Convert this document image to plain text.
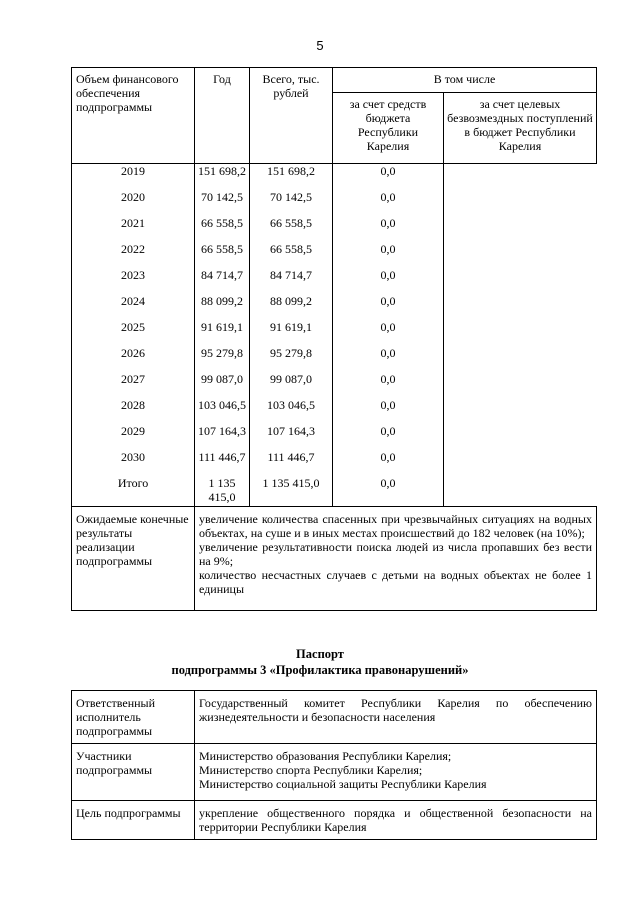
5
Объем финансового обеспечения подпрограммы	Год	Всего, тыс. рублей	В том числе	
			за счет средств бюджета Республики Карелия	за счет целевых безвозмездных поступлений в бюджет Республики Карелия
2019	151 698,2	151 698,2	0,0	
2020	70 142,5	70 142,5	0,0	
2021	66 558,5	66 558,5	0,0	
2022	66 558,5	66 558,5	0,0	
2023	84 714,7	84 714,7	0,0	
2024	88 099,2	88 099,2	0,0	
2025	91 619,1	91 619,1	0,0	
2026	95 279,8	95 279,8	0,0	
2027	99 087,0	99 087,0	0,0	
2028	103 046,5	103 046,5	0,0	
2029	107 164,3	107 164,3	0,0	
2030	111 446,7	111 446,7	0,0	
Итого	1 135 415,0	1 135 415,0	0,0	
Ожидаемые конечные результаты реализации подпрограммы	увеличение количества спасенных при чрезвычайных ситуациях на водных объектах, на суше и в иных местах происшествий до 182 человек (на 10%);
увеличение результативности поиска людей из числа пропавших без вести на 9%;
количество несчастных случаев с детьми на водных объектах не более 1 единицы			
Паспорт
подпрограммы 3 «Профилактика правонарушений»
Ответственный исполнитель подпрограммы	Государственный комитет Республики Карелия по обеспечению жизнедеятельности и безопасности населения

Участники подпрограммы	Министерство образования Республики Карелия;
Министерство спорта Республики Карелия;
Министерство социальной защиты Республики Карелия

Цель подпрограммы	укрепление общественного порядка и общественной безопасности на территории Республики Карелия
